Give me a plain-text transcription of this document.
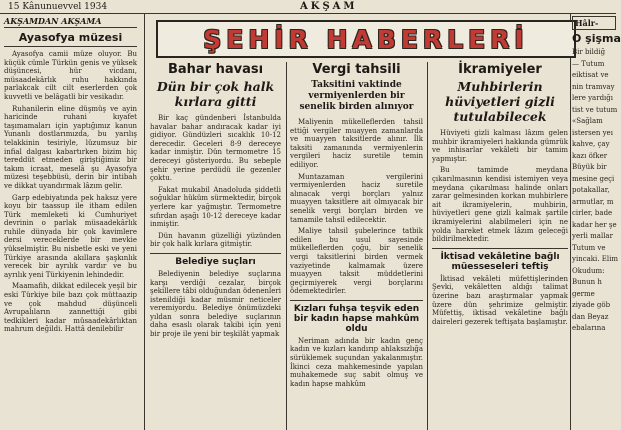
15 Kânunuevvel 1934	AKŞAM
AKŞAMDAN AKŞAMA
Ayasofya müzesi

Ayasofya camii müze oluyor. Bu küçük cümle Türkün genis ve yüksek düşüncesi, hür vicdanı, müsaadekârlık ruhu hakkında parlakcak cilt cilt eserlerden çok kuvvetli ve belâgatli bir vesikadır.

Ruhanilerin eline düşmüş ve ayin haricinde ruhani kıyafet taşımamaları için yaptığımız kanun Yunanlı dostlarımızda, bu yarılış telakkinin tesiriyle, lüzumsuz bir infial dalgası kabartırken bizim hiç tereddüt etmeden giriştiğimiz bir takım icraat, meselâ şu Ayasofya müzesi teşebbüsü, derin bir intibah ve dikkat uyandırmak lâzım gelir.

Garp edebiyatında pek haksız yere koyu bir taassup ile itham edilen Türk memleketi ki Cumhuriyet devrinin o parlak müsaadekârlık ruhile dünyada bir çok kavimlere dersi vereceklerde bir mevkie yükselmiştir. Bu nisbetle eski ve yeni Türkiye arasında akıllara şaşkınlık verecek bir ayrılık vardır ve bu ayrılık yeni Türkiyenin lehindedir.

Maamafih, dikkat edilecek yeşil bir eski Türkiye bile bazı çok müttaazip ve çok mahdud düşünceli Avrupalıların zannettiği gibi tedkikleri kadar müsaadekârlıktan mahrum değildi. Hattâ denilebilir

ŞEHİR HABERLERİ
Bahar havası
Dün bir çok halk kırlara gitti

Bir kaç gündenberi İstanbulda havalar bahar andıracak kadar iyi gidiyor. Gündüzleri sıcaklık 10-12 derecedir. Geceleri 8-9 dereceye kadar inmiştir. Dün termometre 15 dereceyi gösteriyordu. Bu sebeple şehir yerine perdüdü ile gezenler çoktu.

Fakat mukabil Anadoluda şiddetli soğuklar hüküm sürmektedir, birçok yerlere kar yağmıştır. Termometre sıfırdan aşağı 10-12 dereceye kadar inmiştir.

Dün havanın güzelliği yüzünden bir çok halk kırlara gitmiştir.

Belediye suçları

Belediyenin belediye suçlarına karşı verdiği cezalar, birçok şekillere tâbi olduğundan ödenenleri istenildiği kadar müsmir neticeler veremiyordu. Belediye önümüzdeki yıldan sonra belediye suçlarının daha esaslı olarak takibi için yeni bir proje ile yeni bir teşkilât yapmak

Vergi tahsili
Taksitini vaktinde vermiyenlerden bir senelik birden alınıyor

Maliyenin mükelleflerden tahsil ettiği vergiler muayyen zamanlarda ve muayyen taksitlerde alınır. İlk taksiti zamanında vermiyenlerin vergileri haciz suretile temin ediliyor.

Muntazaman vergilerini vermiyenlerden haciz suretile alınacak vergi borçları yalnız muayyen taksitlere ait olmıyacak bir senelik vergi borçları birden ve tamamile tahsil edilecektir.

Maliye tahsil şubelerince tatbik edilen bu usul sayesinde mükelleflerden çoğu, bir senelik vergi taksitlerini birden vermek vaziyetinde kalmamak üzere muayyen taksit müddetlerini geçirmiyerek vergi borçlarını ödemektedirler.

Kızları fuhşa teşvik eden bir kadın hapse mahkûm oldu

Neriman adında bir kadın genç kadın ve kızları kandırıp ahlaksızlığa sürüklemek suçundan yakalanmıştır. İkinci ceza mahkemesinde yapılan muhakemede suç sabit olmuş ve kadın hapse mahkûm

İkramiyeler
Muhbirlerin hüviyetleri gizli tutulabilecek

Hüviyeti gizli kalması lâzım gelen muhbir ikramiyeleri hakkında gümrük ve inhisarlar vekâleti bir tamim yapmıştır.

Bu tamimde meydana çıkarılmasının kendisi istemiyen veya meydana çıkarılması halinde onları zarar gelmesinden korkan muhbirlere ait ikramiyelerin, muhbirin, hüviyetleri gene gizli kalmak şartile ikramiyelerini alabilmeleri için ne yolda hareket etmek lâzım geleceği bildirilmektedir.

İktisad vekâletine bağlı müesseseleri teftiş

İktisad vekâleti müfettişlerinden Şevki, vekâletten aldığı talimat üzerine bazı araştırmalar yapmak üzere dün şehrimize gelmiştir. Müfettiş, iktisad vekâletine bağlı daireleri gezerek teftişata başlamıştır.

Hâlr-
O şişma

Bir bildiğ

— Tutum

eiktisat ve

nin tramvay

lere yardığı

tist ve tutum

«Sağlam

istersen yeı

kahve, çay

kazı öfker

Büyük bir

mesine geçi

potakallar,

armutlar, m

cirler, bade

kadar her şe

yerli mallar

Tutum ve

yincaki. Elim

Okudum:

Bunun h

germe

ziyade göb

dan Beyaz

ebalarına
